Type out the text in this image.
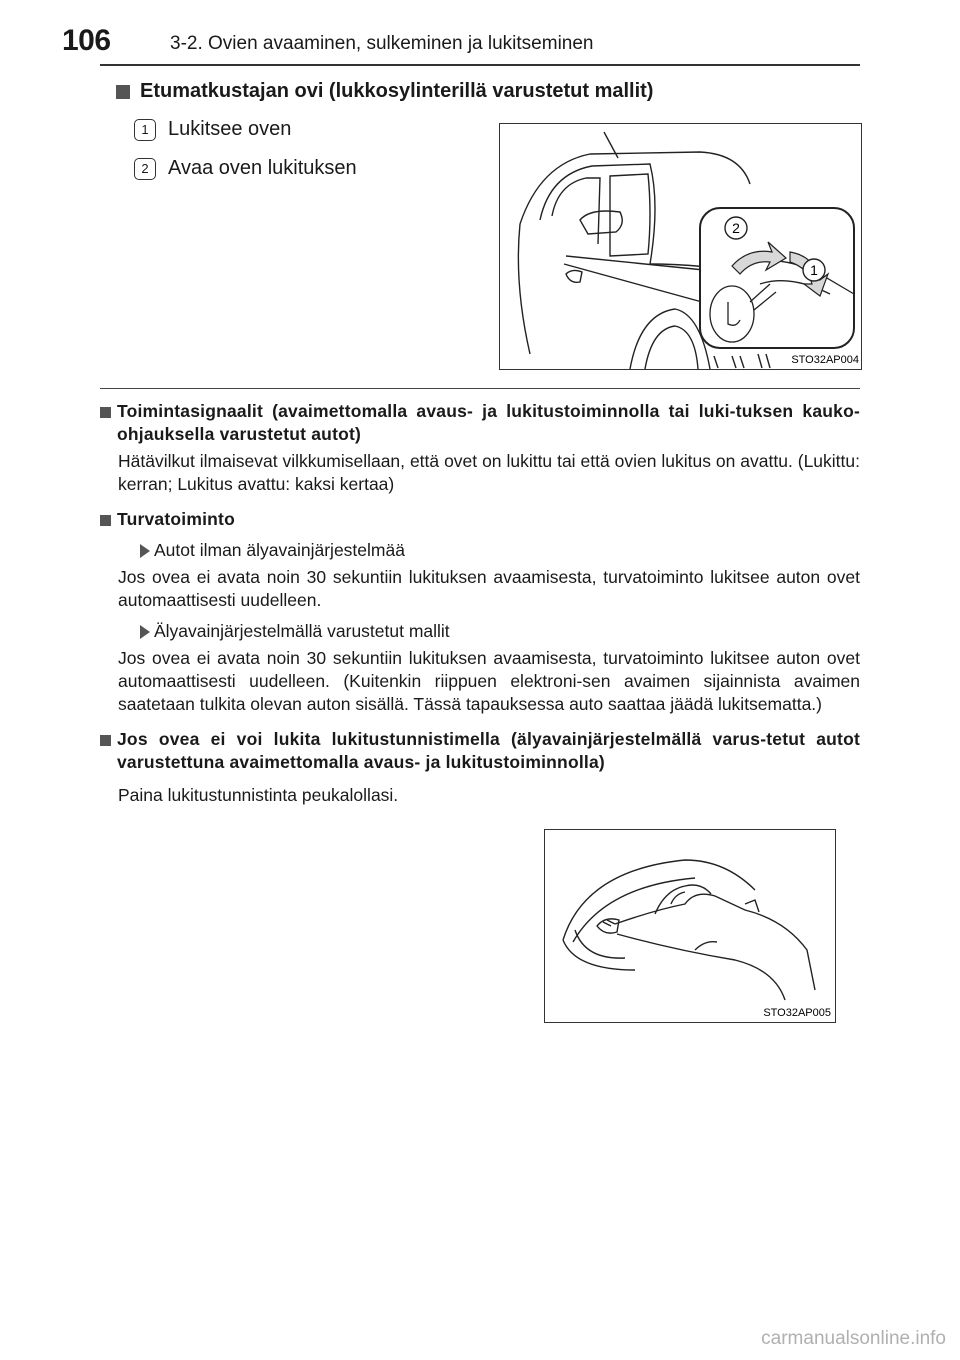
106	3-2. Ovien avaaminen, sulkeminen ja lukitseminen
Etumatkustajan ovi (lukkosylinterillä varustetut mallit)
1 Lukitsee oven
2 Avaa oven lukituksen
2
1
STO32AP004
Toimintasignaalit (avaimettomalla avaus- ja lukitustoiminnolla tai luki-tuksen kauko-ohjauksella varustetut autot)
Hätävilkut ilmaisevat vilkkumisellaan, että ovet on lukittu tai että ovien lukitus on avattu. (Lukittu: kerran; Lukitus avattu: kaksi kertaa)
Turvatoiminto
Autot ilman älyavainjärjestelmää
Jos ovea ei avata noin 30 sekuntiin lukituksen avaamisesta, turvatoiminto lukitsee auton ovet automaattisesti uudelleen.
Älyavainjärjestelmällä varustetut mallit
Jos ovea ei avata noin 30 sekuntiin lukituksen avaamisesta, turvatoiminto lukitsee auton ovet automaattisesti uudelleen. (Kuitenkin riippuen elektroni-sen avaimen sijainnista avaimen saatetaan tulkita olevan auton sisällä. Tässä tapauksessa auto saattaa jäädä lukitsematta.)
Jos ovea ei voi lukita lukitustunnistimella (älyavainjärjestelmällä varus-tetut autot varustettuna avaimettomalla avaus- ja lukitustoiminnolla)
Paina lukitustunnistinta peukalollasi.
STO32AP005
carmanualsonline.info
